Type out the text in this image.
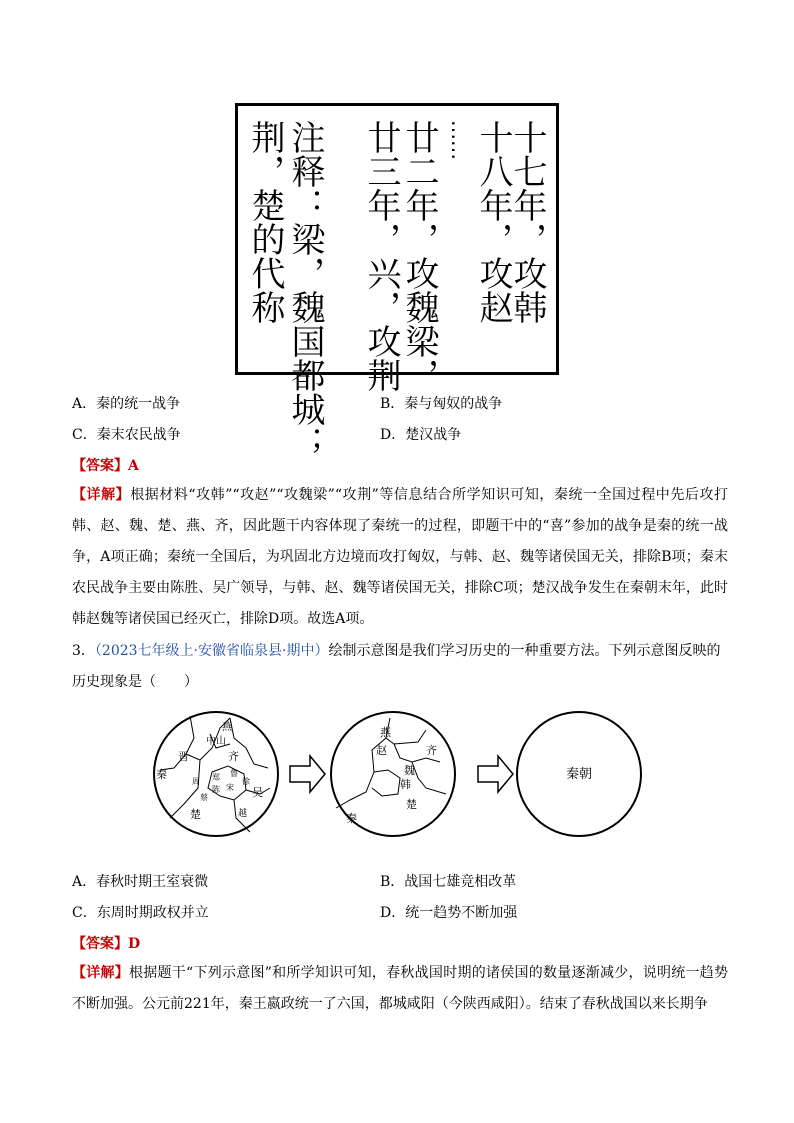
十七年，攻韩
十八年，攻赵
……
廿二年，攻魏梁，
廿三年，兴，攻荆
注释：梁，魏国都城；
荆，楚的代称
A．秦的统一战争	B．秦与匈奴的战争
C．秦末农民战争	D．楚汉战争
【答案】A
【详解】根据材料“攻韩”“攻赵”“攻魏梁”“攻荆”等信息结合所学知识可知，秦统一全国过程中先后攻打韩、赵、魏、楚、燕、齐，因此题干内容体现了秦统一的过程，即题干中的“喜”参加的战争是秦的统一战争，A项正确；秦统一全国后，为巩固北方边境而攻打匈奴，与韩、赵、魏等诸侯国无关，排除B项；秦末农民战争主要由陈胜、吴广领导，与韩、赵、魏等诸侯国无关，排除C项；楚汉战争发生在秦朝末年，此时韩赵魏等诸侯国已经灭亡，排除D项。故选A项。
3．（2023七年级上·安徽省临泉县·期中）绘制示意图是我们学习历史的一种重要方法。下列示意图反映的历史现象是（　　）
中山
燕
晋	齐
秦	郑 鲁
宋
周
陈	吴
楚	越
徐
蔡
燕
赵	齐
魏
韩
秦
楚
秦朝
A．春秋时期王室衰微	B．战国七雄竞相改革
C．东周时期政权并立	D．统一趋势不断加强
【答案】D
【详解】根据题干“下列示意图”和所学知识可知，春秋战国时期的诸侯国的数量逐渐减少，说明统一趋势不断加强。公元前221年，秦王嬴政统一了六国，都城咸阳（今陕西咸阳）。结束了春秋战国以来长期争
